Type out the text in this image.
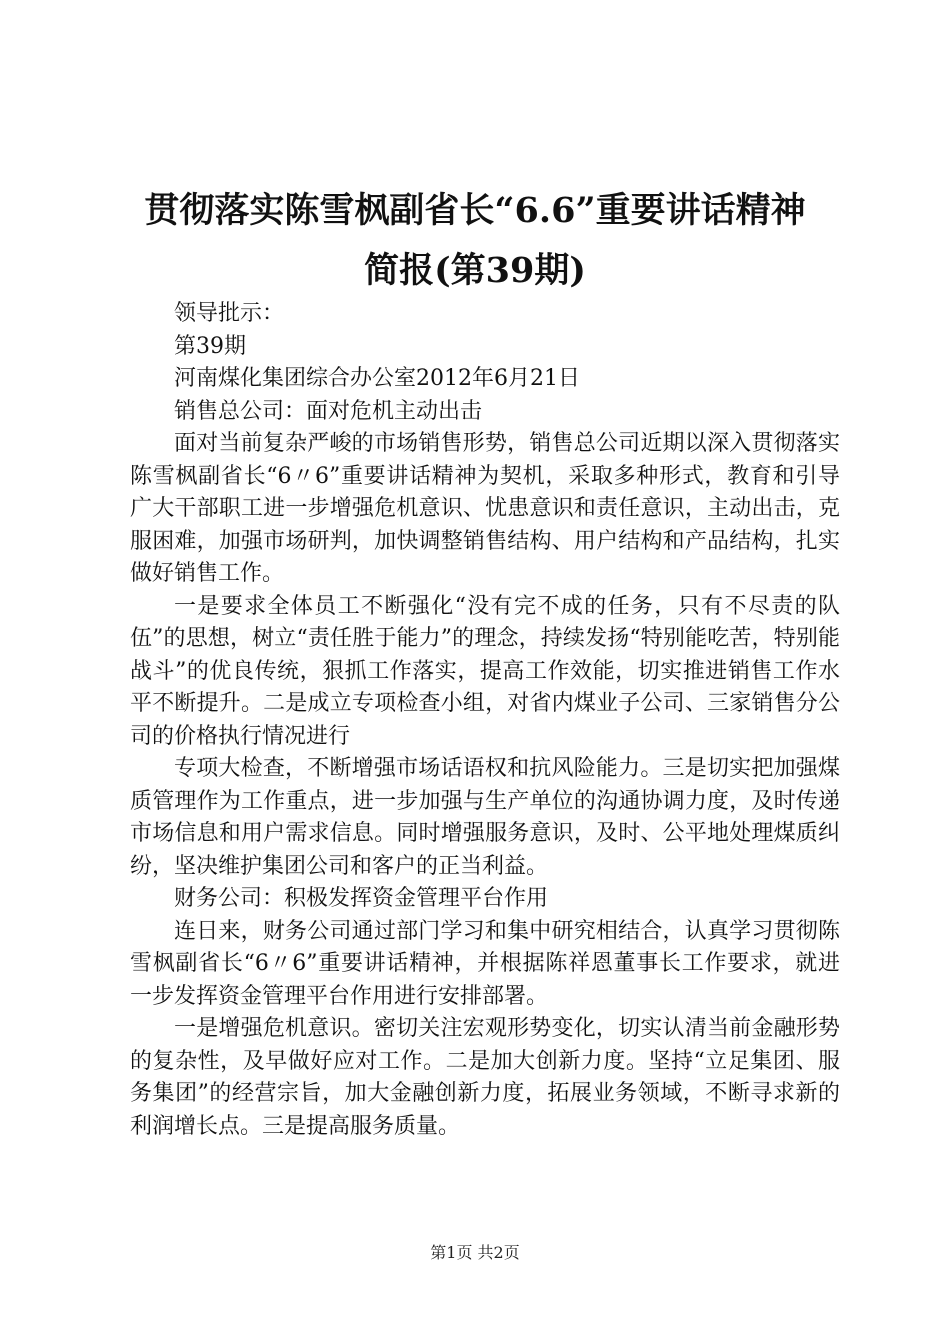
贯彻落实陈雪枫副省长“6.6”重要讲话精神
简报(第39期)

领导批示：

第39期

河南煤化集团综合办公室2012年6月21日

销售总公司：面对危机主动出击

面对当前复杂严峻的市场销售形势，销售总公司近期以深入贯彻落实陈雪枫副省长“6〃6”重要讲话精神为契机，采取多种形式，教育和引导广大干部职工进一步增强危机意识、忧患意识和责任意识，主动出击，克服困难，加强市场研判，加快调整销售结构、用户结构和产品结构，扎实做好销售工作。

一是要求全体员工不断强化“没有完不成的任务，只有不尽责的队伍”的思想，树立“责任胜于能力”的理念，持续发扬“特别能吃苦，特别能战斗”的优良传统，狠抓工作落实，提高工作效能，切实推进销售工作水平不断提升。二是成立专项检查小组，对省内煤业子公司、三家销售分公司的价格执行情况进行

专项大检查，不断增强市场话语权和抗风险能力。三是切实把加强煤质管理作为工作重点，进一步加强与生产单位的沟通协调力度，及时传递市场信息和用户需求信息。同时增强服务意识，及时、公平地处理煤质纠纷，坚决维护集团公司和客户的正当利益。

财务公司：积极发挥资金管理平台作用

连日来，财务公司通过部门学习和集中研究相结合，认真学习贯彻陈雪枫副省长“6〃6”重要讲话精神，并根据陈祥恩董事长工作要求，就进一步发挥资金管理平台作用进行安排部署。

一是增强危机意识。密切关注宏观形势变化，切实认清当前金融形势的复杂性，及早做好应对工作。二是加大创新力度。坚持“立足集团、服务集团”的经营宗旨，加大金融创新力度，拓展业务领域，不断寻求新的利润增长点。三是提高服务质量。

第1页 共2页
